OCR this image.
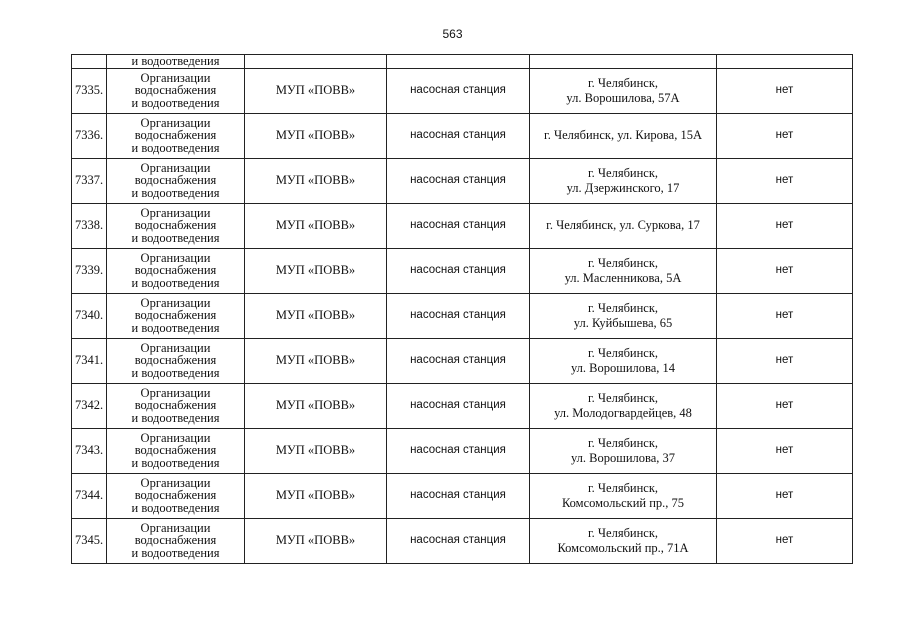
563
	и водоотведения				
7335.	Организации
водоснабжения
и водоотведения	МУП «ПОВВ»	насосная станция	г. Челябинск,
ул. Ворошилова, 57А	нет
7336.	Организации
водоснабжения
и водоотведения	МУП «ПОВВ»	насосная станция	г. Челябинск, ул. Кирова, 15А	нет
7337.	Организации
водоснабжения
и водоотведения	МУП «ПОВВ»	насосная станция	г. Челябинск,
ул. Дзержинского, 17	нет
7338.	Организации
водоснабжения
и водоотведения	МУП «ПОВВ»	насосная станция	г. Челябинск, ул. Суркова, 17	нет
7339.	Организации
водоснабжения
и водоотведения	МУП «ПОВВ»	насосная станция	г. Челябинск,
ул. Масленникова, 5А	нет
7340.	Организации
водоснабжения
и водоотведения	МУП «ПОВВ»	насосная станция	г. Челябинск,
ул. Куйбышева, 65	нет
7341.	Организации
водоснабжения
и водоотведения	МУП «ПОВВ»	насосная станция	г. Челябинск,
ул. Ворошилова, 14	нет
7342.	Организации
водоснабжения
и водоотведения	МУП «ПОВВ»	насосная станция	г. Челябинск,
ул. Молодогвардейцев, 48	нет
7343.	Организации
водоснабжения
и водоотведения	МУП «ПОВВ»	насосная станция	г. Челябинск,
ул. Ворошилова, 37	нет
7344.	Организации
водоснабжения
и водоотведения	МУП «ПОВВ»	насосная станция	г. Челябинск,
Комсомольский пр., 75	нет
7345.	Организации
водоснабжения
и водоотведения	МУП «ПОВВ»	насосная станция	г. Челябинск,
Комсомольский пр., 71А	нет
